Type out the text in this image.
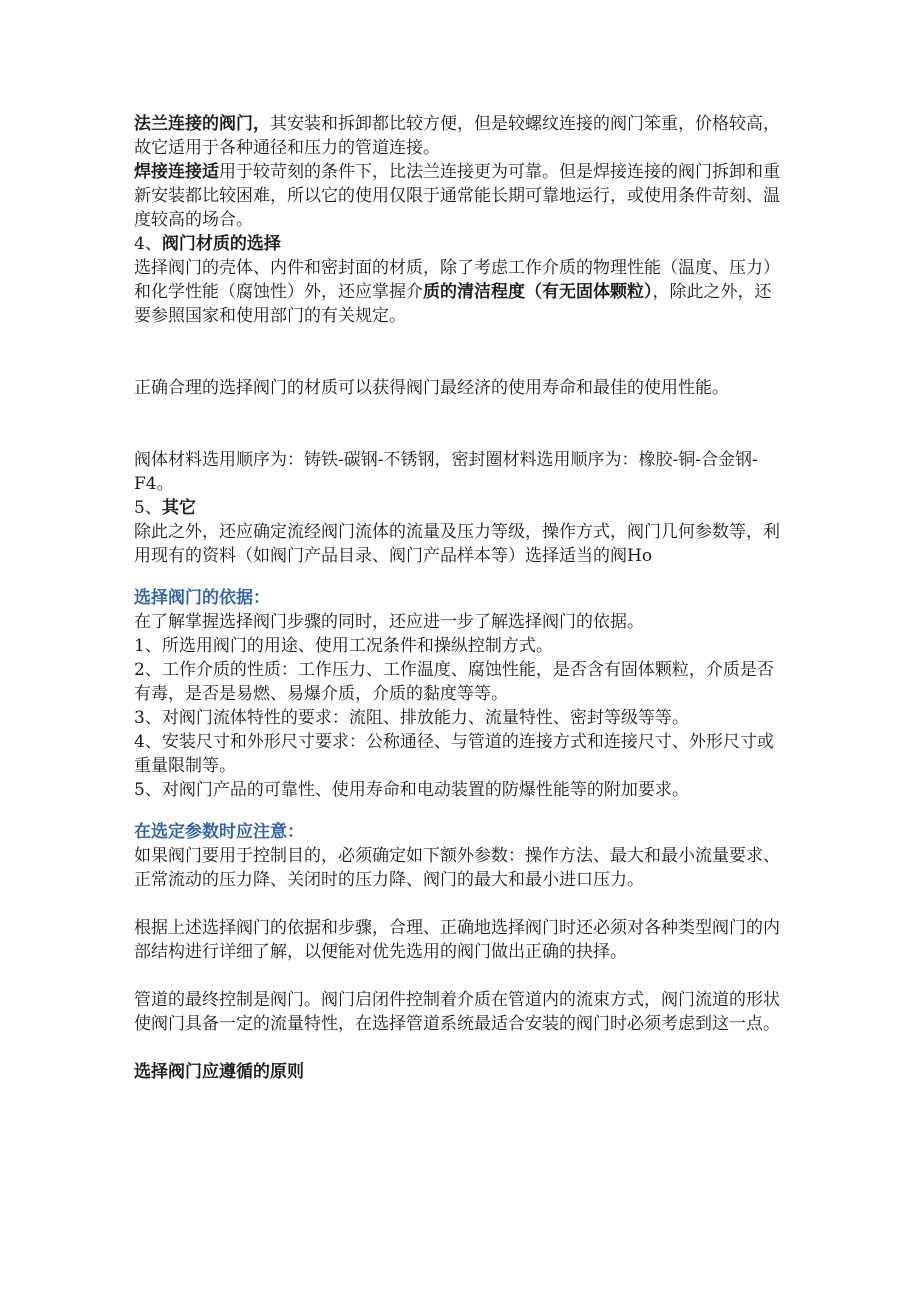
法兰连接的阀门，其安装和拆卸都比较方便，但是较螺纹连接的阀门笨重，价格较高，故它适用于各种通径和压力的管道连接。

焊接连接适用于较苛刻的条件下，比法兰连接更为可靠。但是焊接连接的阀门拆卸和重新安装都比较困难，所以它的使用仅限于通常能长期可靠地运行，或使用条件苛刻、温度较高的场合。

4、阀门材质的选择

选择阀门的壳体、内件和密封面的材质，除了考虑工作介质的物理性能（温度、压力）和化学性能（腐蚀性）外，还应掌握介质的清洁程度（有无固体颗粒），除此之外，还要参照国家和使用部门的有关规定。

正确合理的选择阀门的材质可以获得阀门最经济的使用寿命和最佳的使用性能。

阀体材料选用顺序为：铸铁-碳钢-不锈钢，密封圈材料选用顺序为：橡胶-铜-合金钢-F4。

5、其它

除此之外，还应确定流经阀门流体的流量及压力等级，操作方式，阀门几何参数等，利用现有的资料（如阀门产品目录、阀门产品样本等）选择适当的阀Ho

选择阀门的依据：

在了解掌握选择阀门步骤的同时，还应进一步了解选择阀门的依据。

1、所选用阀门的用途、使用工况条件和操纵控制方式。

2、工作介质的性质：工作压力、工作温度、腐蚀性能，是否含有固体颗粒，介质是否有毒，是否是易燃、易爆介质，介质的黏度等等。

3、对阀门流体特性的要求：流阻、排放能力、流量特性、密封等级等等。

4、安装尺寸和外形尺寸要求：公称通径、与管道的连接方式和连接尺寸、外形尺寸或重量限制等。

5、对阀门产品的可靠性、使用寿命和电动装置的防爆性能等的附加要求。

在选定参数时应注意：

如果阀门要用于控制目的，必须确定如下额外参数：操作方法、最大和最小流量要求、正常流动的压力降、关闭时的压力降、阀门的最大和最小进口压力。

根据上述选择阀门的依据和步骤，合理、正确地选择阀门时还必须对各种类型阀门的内部结构进行详细了解，以便能对优先选用的阀门做出正确的抉择。

管道的最终控制是阀门。阀门启闭件控制着介质在管道内的流束方式，阀门流道的形状使阀门具备一定的流量特性，在选择管道系统最适合安装的阀门时必须考虑到这一点。

选择阀门应遵循的原则
